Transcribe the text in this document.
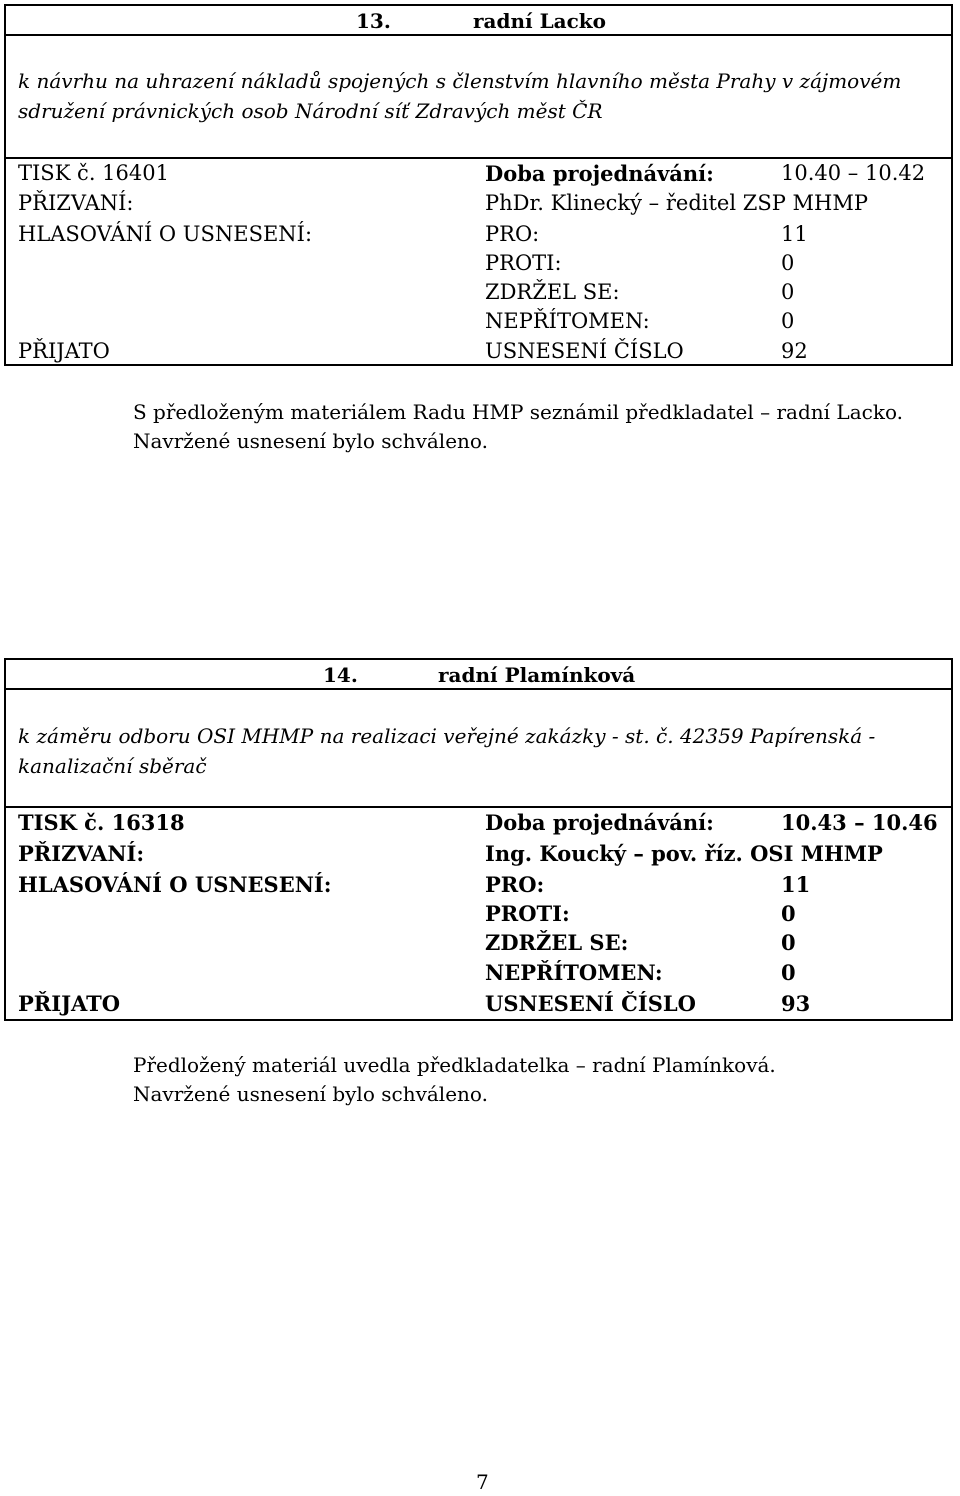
13.	radní Lacko
k návrhu na uhrazení nákladů spojených s členstvím hlavního města Prahy v zájmovém
sdružení právnických osob Národní síť Zdravých měst ČR
TISK č. 16401	Doba projednávání:	10.40 – 10.42
PŘIZVANÍ:	PhDr. Klinecký – ředitel ZSP MHMP
HLASOVÁNÍ O USNESENÍ:	PRO:	11
PROTI:	0
ZDRŽEL SE:	0
NEPŘÍTOMEN:	0
PŘIJATO	USNESENÍ ČÍSLO	92
S předloženým materiálem Radu HMP seznámil předkladatel – radní Lacko.
Navržené usnesení bylo schváleno.
14.	radní Plamínková
k záměru odboru OSI MHMP na realizaci veřejné zakázky - st. č. 42359 Papírenská -
kanalizační sběrač
TISK č. 16318	Doba projednávání:	10.43 – 10.46
PŘIZVANÍ:	Ing. Koucký – pov. říz. OSI MHMP
HLASOVÁNÍ O USNESENÍ:	PRO:	11
PROTI:	0
ZDRŽEL SE:	0
NEPŘÍTOMEN:	0
PŘIJATO	USNESENÍ ČÍSLO	93
Předložený materiál uvedla předkladatelka – radní Plamínková.
Navržené usnesení bylo schváleno.
7
